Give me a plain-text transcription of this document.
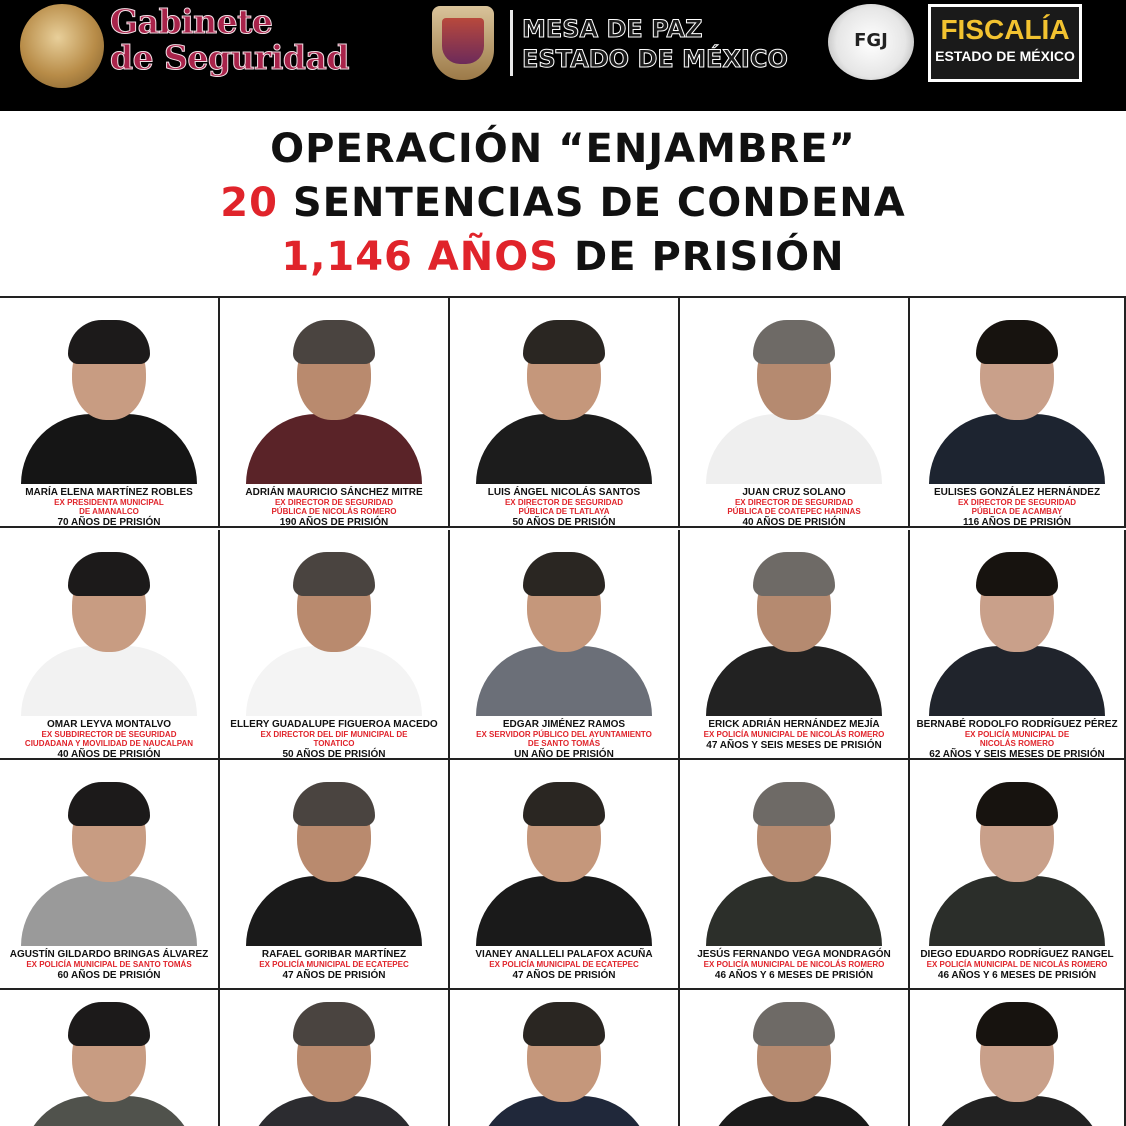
Gabinete
de Seguridad
MESA DE PAZ
ESTADO DE MÉXICO
FGJ	FISCALÍA
ESTADO DE MÉXICO
OPERACIÓN “ENJAMBRE”
20 SENTENCIAS DE CONDENA
1,146 AÑOS DE PRISIÓN
MARÍA ELENA MARTÍNEZ ROBLES
EX PRESIDENTA MUNICIPAL
DE AMANALCO
70 AÑOS DE PRISIÓN
ADRIÁN MAURICIO SÁNCHEZ MITRE
EX DIRECTOR DE SEGURIDAD
PÚBLICA DE NICOLÁS ROMERO
190 AÑOS DE PRISIÓN
LUIS ÁNGEL NICOLÁS SANTOS
EX DIRECTOR DE SEGURIDAD
PÚBLICA DE TLATLAYA
50 AÑOS DE PRISIÓN
JUAN CRUZ SOLANO
EX DIRECTOR DE SEGURIDAD
PÚBLICA DE COATEPEC HARINAS
40 AÑOS DE PRISIÓN
EULISES GONZÁLEZ HERNÁNDEZ
EX DIRECTOR DE SEGURIDAD
PÚBLICA DE ACAMBAY
116 AÑOS DE PRISIÓN
OMAR LEYVA MONTALVO
EX SUBDIRECTOR DE SEGURIDAD
CIUDADANA Y MOVILIDAD DE NAUCALPAN
40 AÑOS DE PRISIÓN
ELLERY GUADALUPE FIGUEROA MACEDO
EX DIRECTOR DEL DIF MUNICIPAL DE
TONATICO
50 AÑOS DE PRISIÓN
EDGAR JIMÉNEZ RAMOS
EX SERVIDOR PÚBLICO DEL AYUNTAMIENTO
DE SANTO TOMÁS
UN AÑO DE PRISIÓN
ERICK ADRIÁN HERNÁNDEZ MEJÍA
EX POLICÍA MUNICIPAL DE NICOLÁS ROMERO
47 AÑOS Y SEIS MESES DE PRISIÓN
BERNABÉ RODOLFO RODRÍGUEZ PÉREZ
EX POLICÍA MUNICIPAL DE
NICOLÁS ROMERO
62 AÑOS Y SEIS MESES DE PRISIÓN
AGUSTÍN GILDARDO BRINGAS ÁLVAREZ
EX POLICÍA MUNICIPAL DE SANTO TOMÁS
60 AÑOS DE PRISIÓN
RAFAEL GORIBAR MARTÍNEZ
EX POLICÍA MUNICIPAL DE ECATEPEC
47 AÑOS DE PRISIÓN
VIANEY ANALLELI PALAFOX ACUÑA
EX POLICÍA MUNICIPAL DE ECATEPEC
47 AÑOS DE PRISIÓN
JESÚS FERNANDO VEGA MONDRAGÓN
EX POLICÍA MUNICIPAL DE NICOLÁS ROMERO
46 AÑOS Y 6 MESES DE PRISIÓN
DIEGO EDUARDO RODRÍGUEZ RANGEL
EX POLICÍA MUNICIPAL DE NICOLÁS ROMERO
46 AÑOS Y 6 MESES DE PRISIÓN
